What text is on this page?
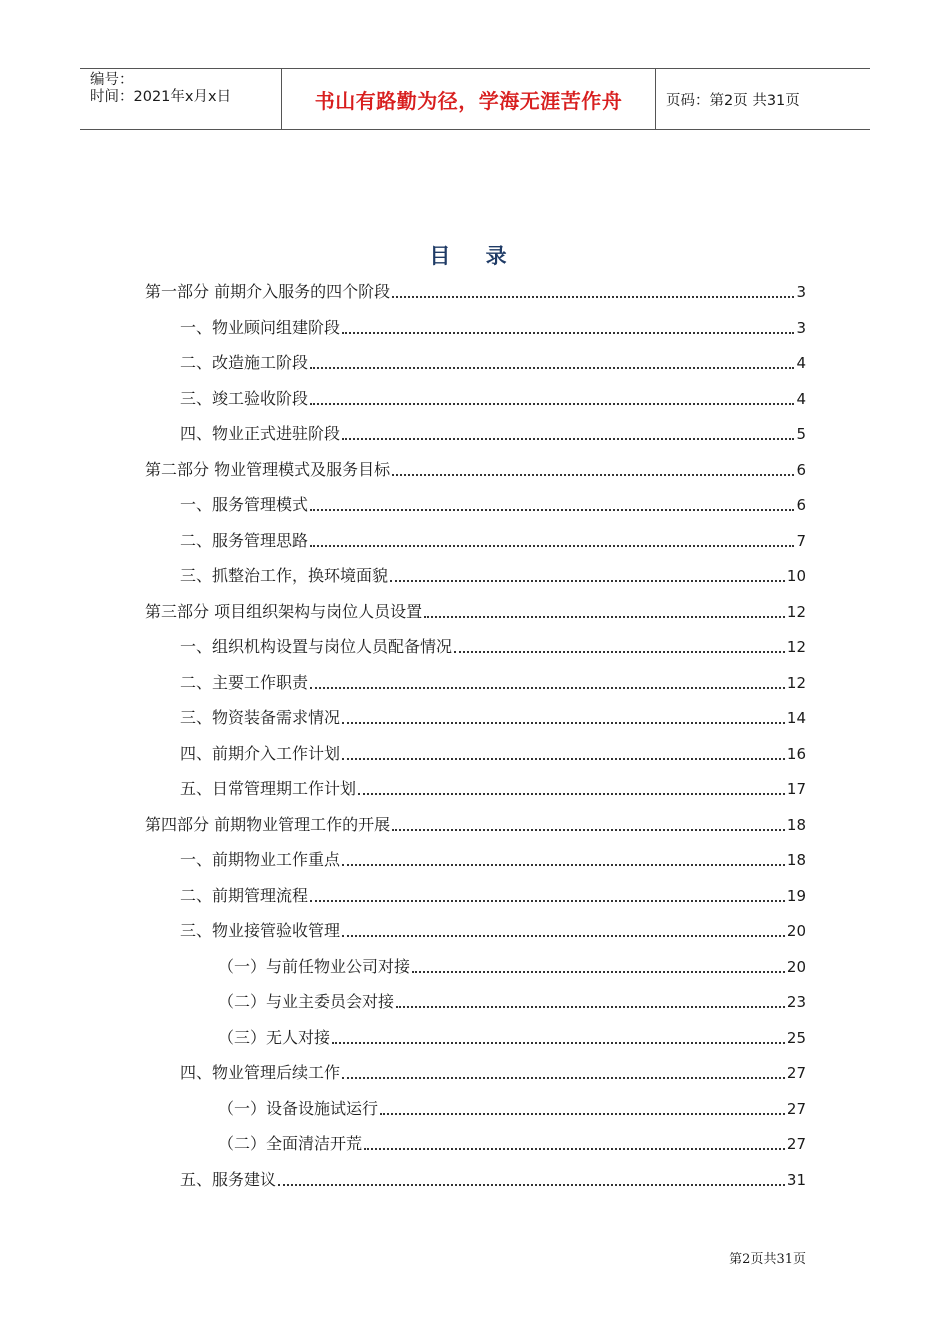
编号：
时间：2021年x月x日	书山有路勤为径，学海无涯苦作舟	页码：第2页 共31页
目 录
第一部分 前期介入服务的四个阶段	3
一、物业顾问组建阶段	3
二、改造施工阶段	4
三、竣工验收阶段	4
四、物业正式进驻阶段	5
第二部分 物业管理模式及服务目标	6
一、服务管理模式	6
二、服务管理思路	7
三、抓整治工作，换环境面貌	10
第三部分 项目组织架构与岗位人员设置	12
一、组织机构设置与岗位人员配备情况	12
二、主要工作职责	12
三、物资装备需求情况	14
四、前期介入工作计划	16
五、日常管理期工作计划	17
第四部分 前期物业管理工作的开展	18
一、前期物业工作重点	18
二、前期管理流程	19
三、物业接管验收管理	20
（一）与前任物业公司对接	20
（二）与业主委员会对接	23
（三）无人对接	25
四、物业管理后续工作	27
（一）设备设施试运行	27
（二）全面清洁开荒	27
五、服务建议	31
第2页共31页
